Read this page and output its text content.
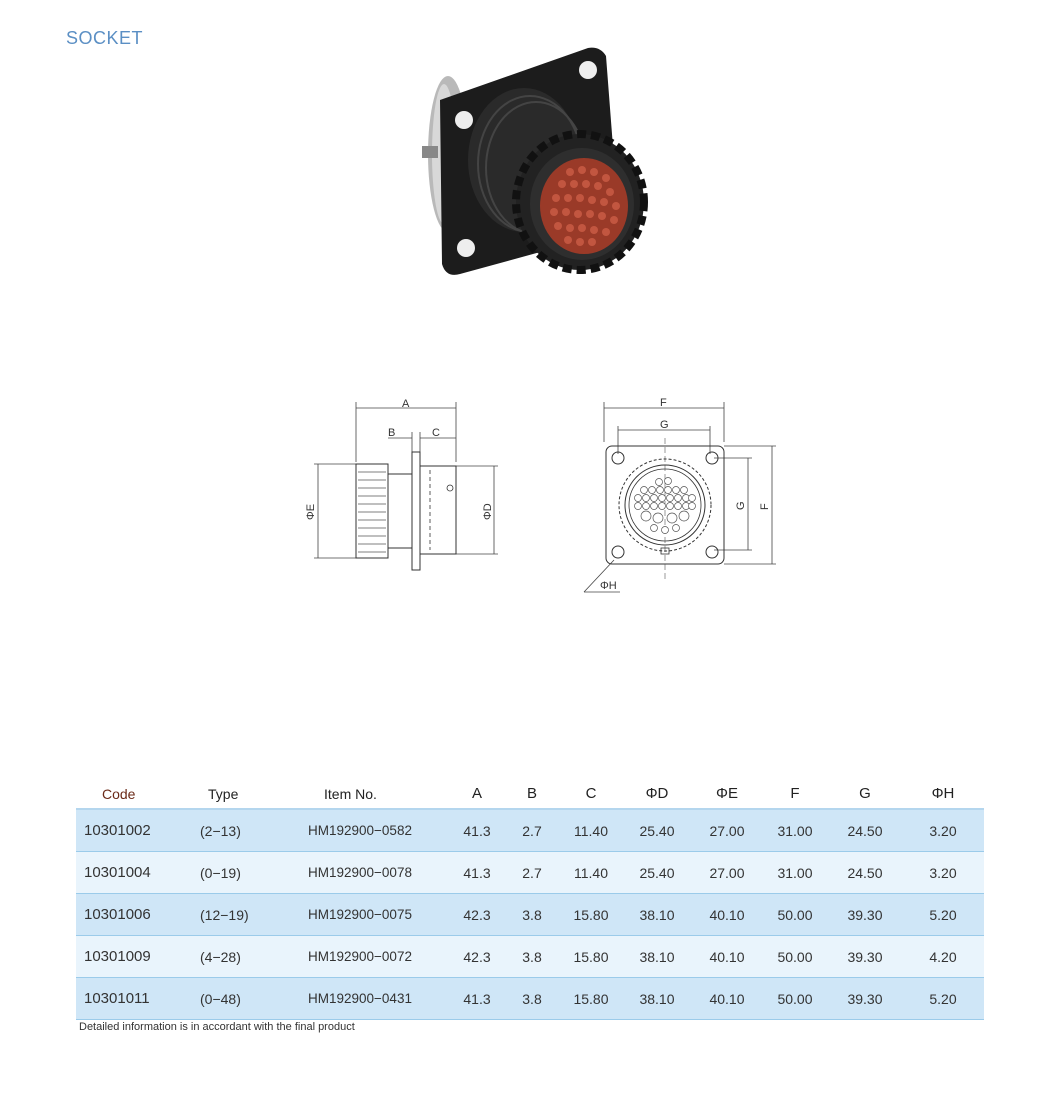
SOCKET
A
B	C
ΦE	ΦD
F
G
G F
ΦH
Code	Type	Item No.	A	B	C	ΦD	ΦE	F	G	ΦH
10301002	(2−13)	HM192900−0582	41.3	2.7	11.40	25.40	27.00	31.00	24.50	3.20
10301004	(0−19)	HM192900−0078	41.3	2.7	11.40	25.40	27.00	31.00	24.50	3.20
10301006	(12−19)	HM192900−0075	42.3	3.8	15.80	38.10	40.10	50.00	39.30	5.20
10301009	(4−28)	HM192900−0072	42.3	3.8	15.80	38.10	40.10	50.00	39.30	4.20
10301011	(0−48)	HM192900−0431	41.3	3.8	15.80	38.10	40.10	50.00	39.30	5.20
Detailed information is in accordant with the final product
